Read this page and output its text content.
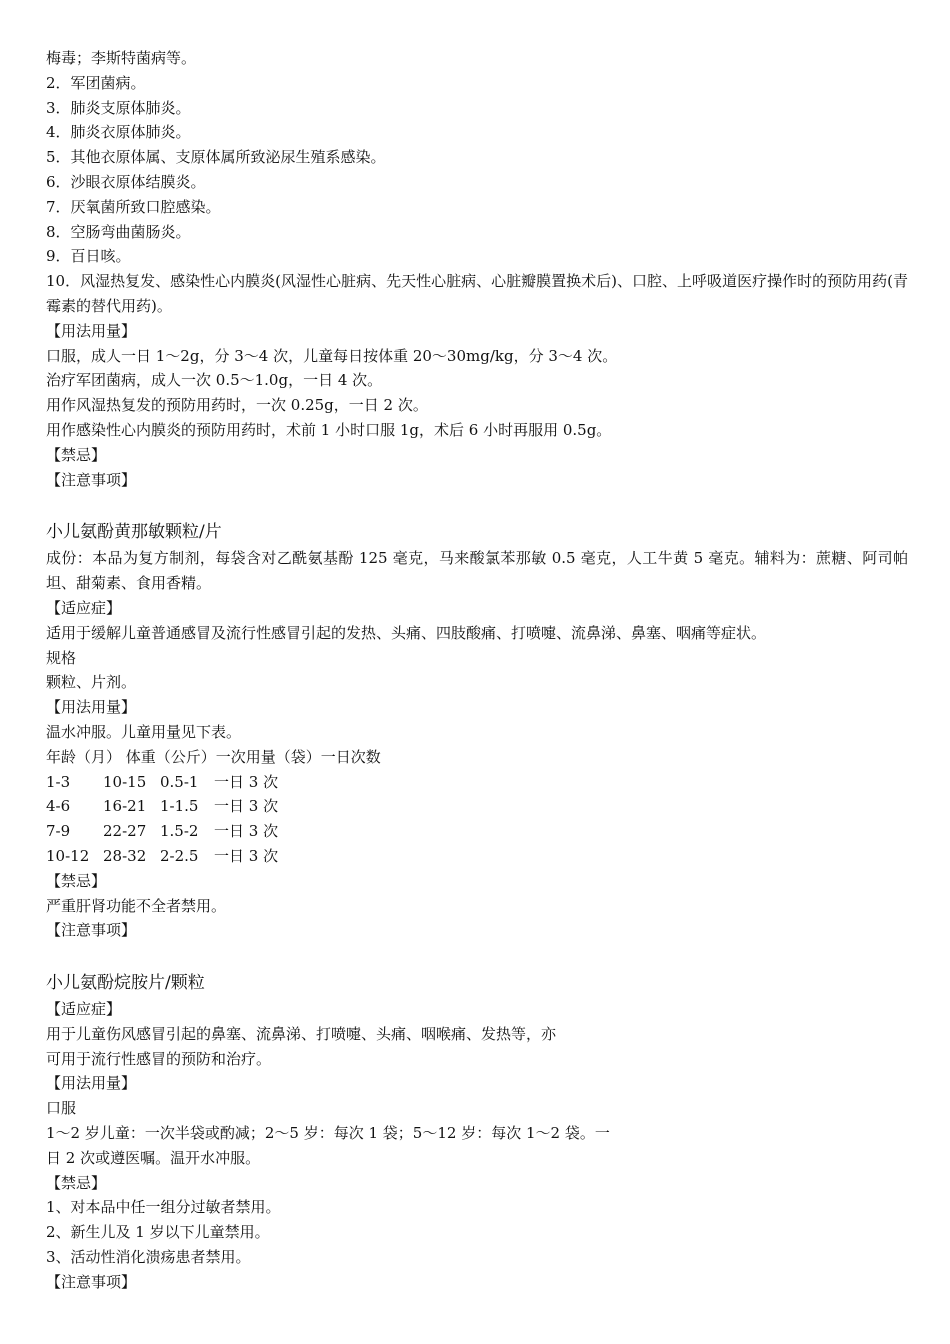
梅毒；李斯特菌病等。
2．军团菌病。
3．肺炎支原体肺炎。
4．肺炎衣原体肺炎。
5．其他衣原体属、支原体属所致泌尿生殖系感染。
6．沙眼衣原体结膜炎。
7．厌氧菌所致口腔感染。
8．空肠弯曲菌肠炎。
9．百日咳。
10．风湿热复发、感染性心内膜炎(风湿性心脏病、先天性心脏病、心脏瓣膜置换术后)、口腔、上呼吸道医疗操作时的预防用药(青霉素的替代用药)。
【用法用量】
口服，成人一日 1～2g，分 3～4 次，儿童每日按体重 20～30mg/kg，分 3～4 次。
治疗军团菌病，成人一次 0.5～1.0g，一日 4 次。
用作风湿热复发的预防用药时，一次 0.25g，一日 2 次。
用作感染性心内膜炎的预防用药时，术前 1 小时口服 1g，术后 6 小时再服用 0.5g。
【禁忌】
【注意事项】
小儿氨酚黄那敏颗粒/片
成份：本品为复方制剂，每袋含对乙酰氨基酚 125 毫克，马来酸氯苯那敏 0.5 毫克，人工牛黄 5 毫克。辅料为：蔗糖、阿司帕坦、甜菊素、食用香精。
【适应症】
适用于缓解儿童普通感冒及流行性感冒引起的发热、头痛、四肢酸痛、打喷嚏、流鼻涕、鼻塞、咽痛等症状。
规格
颗粒、片剂。
【用法用量】
温水冲服。儿童用量见下表。
年龄（月） 体重（公斤）一次用量（袋）一日次数
1-3	10-15 0.5-1	一日 3 次
4-6	16-21 1-1.5	一日 3 次
7-9	22-27 1.5-2	一日 3 次
10-12 28-32 2-2.5	一日 3 次
【禁忌】
严重肝肾功能不全者禁用。
【注意事项】
小儿氨酚烷胺片/颗粒
【适应症】
用于儿童伤风感冒引起的鼻塞、流鼻涕、打喷嚏、头痛、咽喉痛、发热等，亦
可用于流行性感冒的预防和治疗。
【用法用量】
口服
1～2 岁儿童：一次半袋或酌减；2～5 岁：每次 1 袋；5～12 岁：每次 1～2 袋。一
日 2 次或遵医嘱。温开水冲服。
【禁忌】
1、对本品中任一组分过敏者禁用。
2、新生儿及 1 岁以下儿童禁用。
3、活动性消化溃疡患者禁用。
【注意事项】
